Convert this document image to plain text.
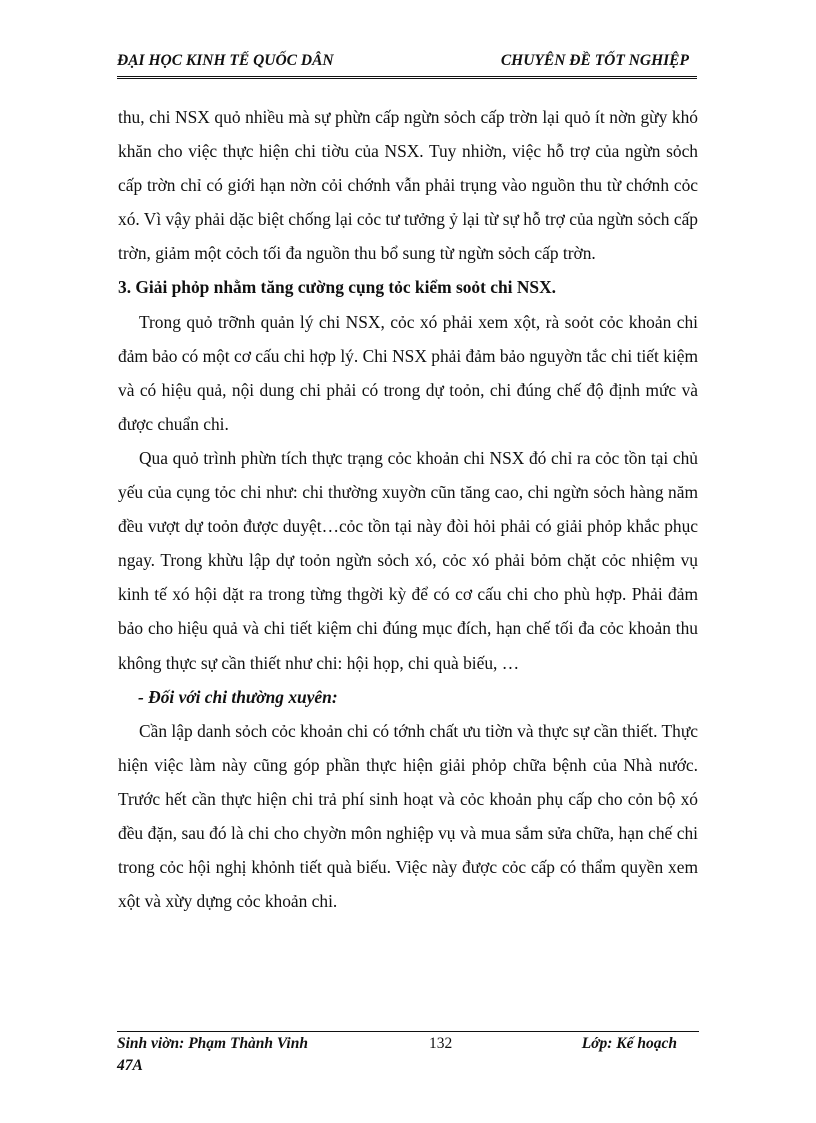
ĐẠI HỌC KINH TẾ QUỐC DÂN	CHUYÊN ĐỀ TỐT NGHIỆP

thu, chi NSX quỏ nhiều mà sự phừn cấp ngừn sỏch cấp trờn lại quỏ ít nờn gừy khó khăn cho việc thực hiện chi tiờu của NSX. Tuy nhiờn, việc hỗ trợ của ngừn sỏch cấp trờn chỉ có giới hạn nờn cỏi chớnh vẫn phải trụng vào nguồn thu từ chớnh cỏc xó. Vì vậy phải dặc biệt chống lại cỏc tư tưởng ỷ lại từ sự hỗ trợ của ngừn sỏch cấp trờn, giảm một cỏch tối đa nguồn thu bổ sung từ ngừn sỏch cấp trờn.

3. Giải phỏp nhằm tăng cường cụng tỏc kiểm soỏt chi NSX.

Trong quỏ trỡnh quản lý chi NSX, cỏc xó phải xem xột, rà soỏt cỏc khoản chi đảm bảo có một cơ cấu chi hợp lý. Chi NSX phải đảm bảo nguyờn tắc chi tiết kiệm và có hiệu quả, nội dung chi phải có trong dự toỏn, chi đúng chế độ định mức và được chuẩn chi.

Qua quỏ trình phừn tích thực trạng cỏc khoản chi NSX đó chỉ ra cỏc tồn tại chủ yếu của cụng tỏc chi như: chi thường xuyờn cũn tăng cao, chi ngừn sỏch hàng năm đều vượt dự toỏn được duyệt…cỏc tồn tại này đòi hỏi phải có giải phỏp khắc phục ngay. Trong khừu lập dự toỏn ngừn sỏch xó, cỏc xó phải bỏm chặt cỏc nhiệm vụ kinh tế xó hội dặt ra trong từng thgời kỳ để có cơ cấu chi cho phù hợp. Phải đảm bảo cho hiệu quả và chi tiết kiệm chi đúng mục đích, hạn chế tối đa cỏc khoản thu không thực sự cần thiết như chi: hội họp, chi quà biếu, …

- Đối với chi thường xuyên:

Cần lập danh sỏch cỏc khoản chi có tớnh chất ưu tiờn và thực sự cần thiết. Thực hiện việc làm này cũng góp phần thực hiện giải phỏp chữa bệnh của Nhà nước. Trước hết cần thực hiện chi trả phí sinh hoạt và cỏc khoản phụ cấp cho cỏn bộ xó đều đặn, sau đó là chi cho chyờn môn nghiệp vụ và mua sắm sửa chữa, hạn chế chi trong cỏc hội nghị khỏnh tiết quà biếu. Việc này được cỏc cấp có thẩm quyền xem xột và xừy dựng cỏc khoản chi.

Sinh viờn: Phạm Thành Vinh
47A
132	Lớp: Kế hoạch
